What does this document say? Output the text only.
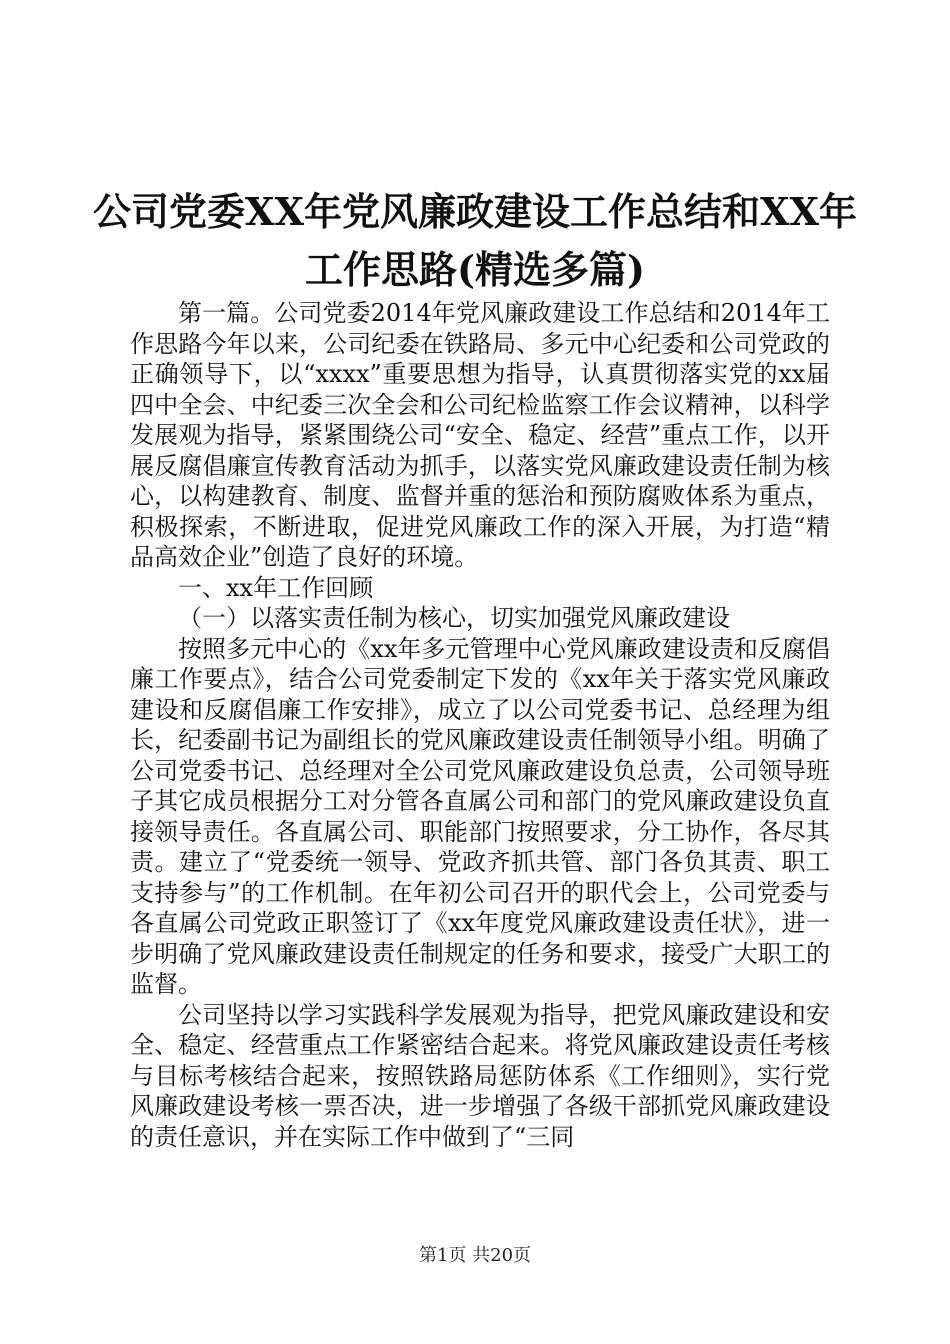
公司党委XX年党风廉政建设工作总结和XX年
工作思路(精选多篇)

第一篇。公司党委2014年党风廉政建设工作总结和2014年工作思路今年以来，公司纪委在铁路局、多元中心纪委和公司党政的正确领导下，以“xxxx”重要思想为指导，认真贯彻落实党的xx届四中全会、中纪委三次全会和公司纪检监察工作会议精神，以科学发展观为指导，紧紧围绕公司“安全、稳定、经营”重点工作，以开展反腐倡廉宣传教育活动为抓手，以落实党风廉政建设责任制为核心，以构建教育、制度、监督并重的惩治和预防腐败体系为重点，积极探索，不断进取，促进党风廉政工作的深入开展，为打造“精品高效企业”创造了良好的环境。

一、xx年工作回顾

（一）以落实责任制为核心，切实加强党风廉政建设

按照多元中心的《xx年多元管理中心党风廉政建设责和反腐倡廉工作要点》，结合公司党委制定下发的《xx年关于落实党风廉政建设和反腐倡廉工作安排》，成立了以公司党委书记、总经理为组长，纪委副书记为副组长的党风廉政建设责任制领导小组。明确了公司党委书记、总经理对全公司党风廉政建设负总责，公司领导班子其它成员根据分工对分管各直属公司和部门的党风廉政建设负直接领导责任。各直属公司、职能部门按照要求，分工协作，各尽其责。建立了“党委统一领导、党政齐抓共管、部门各负其责、职工支持参与”的工作机制。在年初公司召开的职代会上，公司党委与各直属公司党政正职签订了《xx年度党风廉政建设责任状》，进一步明确了党风廉政建设责任制规定的任务和要求，接受广大职工的监督。

公司坚持以学习实践科学发展观为指导，把党风廉政建设和安全、稳定、经营重点工作紧密结合起来。将党风廉政建设责任考核与目标考核结合起来，按照铁路局惩防体系《工作细则》，实行党风廉政建设考核一票否决，进一步增强了各级干部抓党风廉政建设的责任意识，并在实际工作中做到了“三同

第1页 共20页
